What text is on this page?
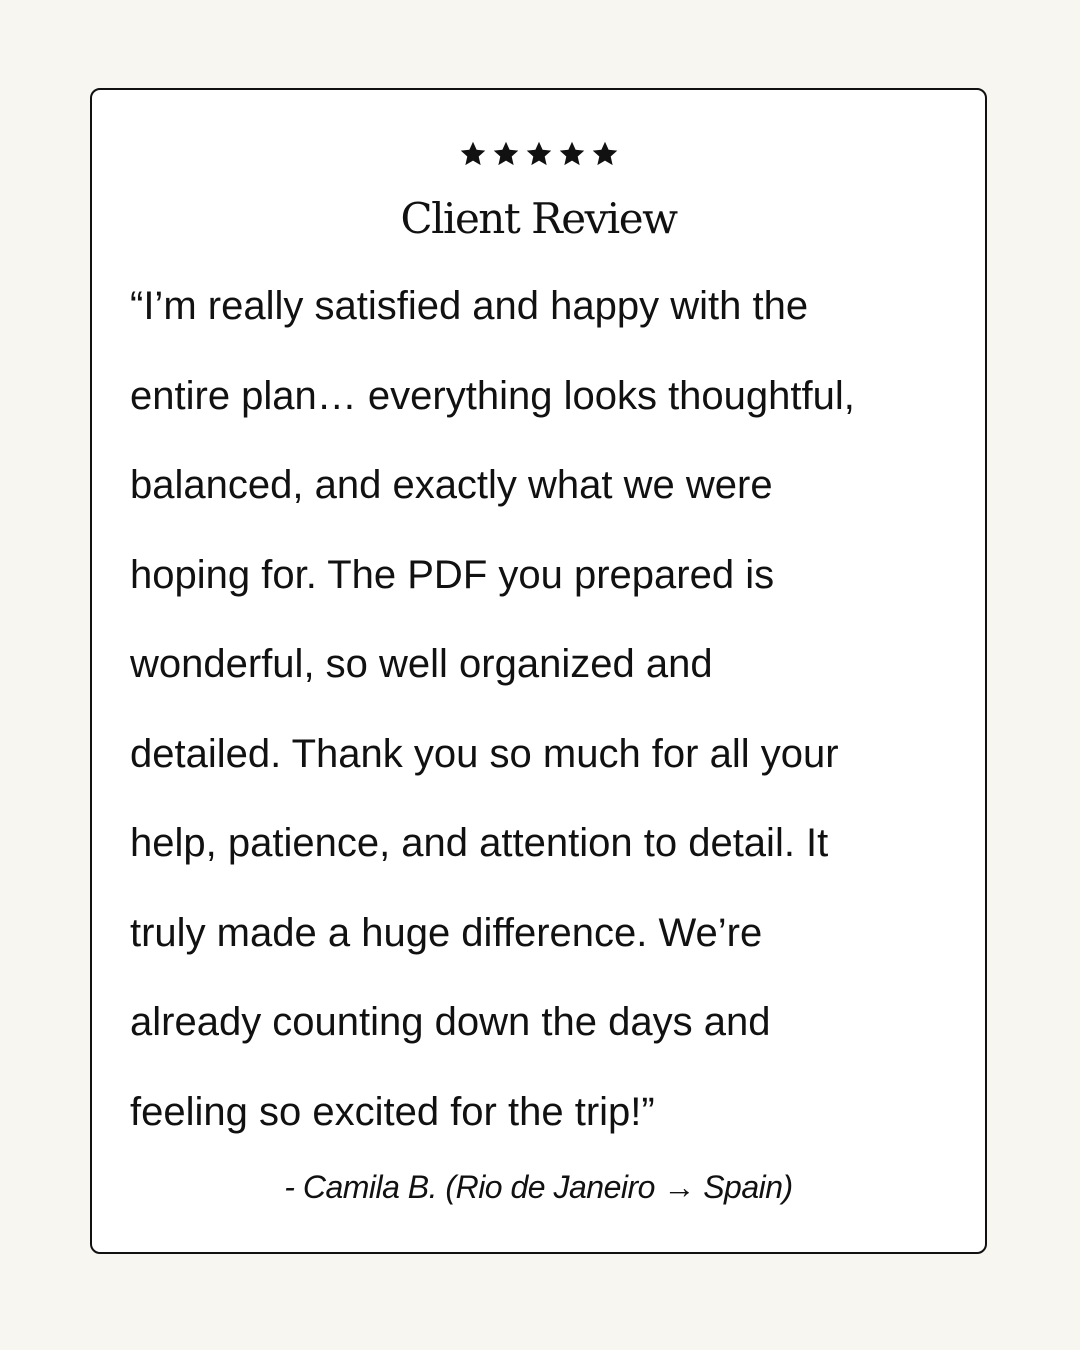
Client Review
“I’m really satisfied and happy with the
entire plan… everything looks thoughtful,
balanced, and exactly what we were
hoping for. The PDF you prepared is
wonderful, so well organized and
detailed. Thank you so much for all your
help, patience, and attention to detail. It
truly made a huge difference. We’re
already counting down the days and
feeling so excited for the trip!”
- Camila B. (Rio de Janeiro → Spain)
